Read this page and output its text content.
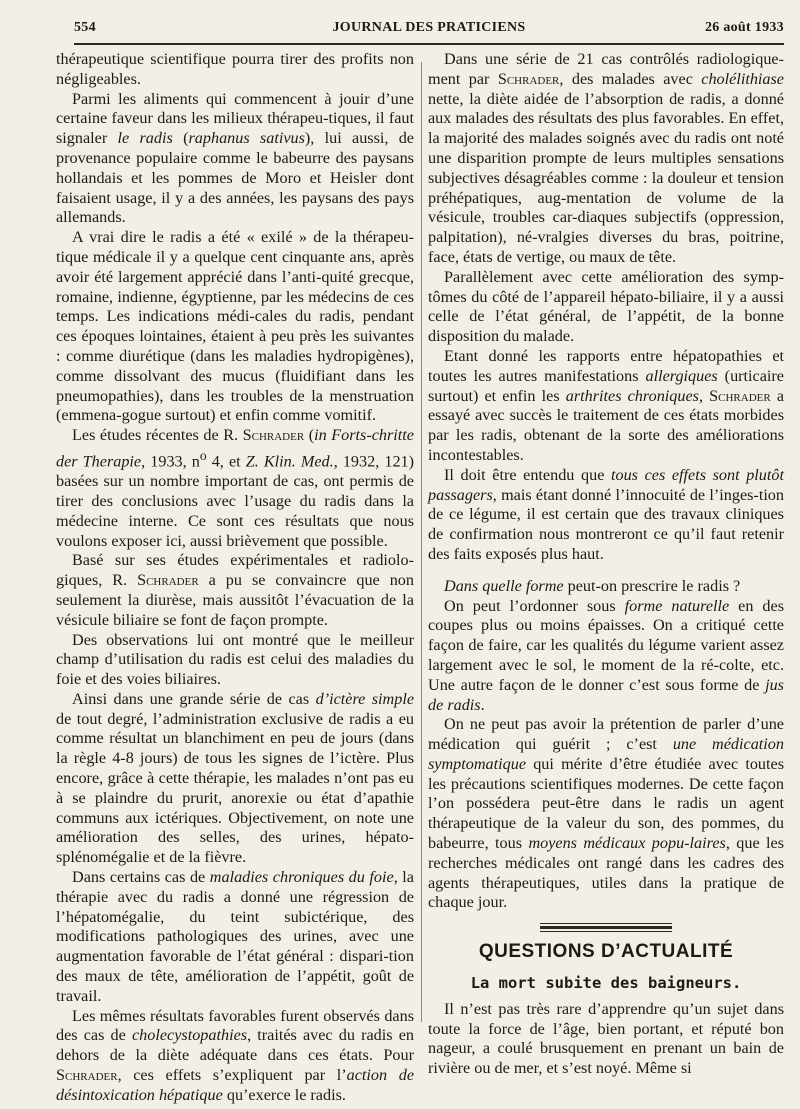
554	JOURNAL DES PRATICIENS	26 août 1933

thérapeutique scientifique pourra tirer des profits non négligeables.

Parmi les aliments qui commencent à jouir d’une certaine faveur dans les milieux thérapeu-tiques, il faut signaler le radis (raphanus sativus), lui aussi, de provenance populaire comme le babeurre des paysans hollandais et les pommes de Moro et Heisler dont faisaient usage, il y a des années, les paysans des pays allemands.

A vrai dire le radis a été « exilé » de la thérapeu-tique médicale il y a quelque cent cinquante ans, après avoir été largement apprécié dans l’anti-quité grecque, romaine, indienne, égyptienne, par les médecins de ces temps. Les indications médi-cales du radis, pendant ces époques lointaines, étaient à peu près les suivantes : comme diurétique (dans les maladies hydropigènes), comme dissolvant des mucus (fluidifiant dans les pneumopathies), dans les troubles de la menstruation (emmena-gogue surtout) et enfin comme vomitif.

Les études récentes de R. Schrader (in Forts-chritte der Therapie, 1933, $n^o$ 4, et Z. Klin. Med., 1932, 121) basées sur un nombre important de cas, ont permis de tirer des conclusions avec l’usage du radis dans la médecine interne. Ce sont ces résultats que nous voulons exposer ici, aussi brièvement que possible.

Basé sur ses études expérimentales et radiolo-giques, R. Schrader a pu se convaincre que non seulement la diurèse, mais aussitôt l’évacuation de la vésicule biliaire se font de façon prompte.

Des observations lui ont montré que le meilleur champ d’utilisation du radis est celui des maladies du foie et des voies biliaires.

Ainsi dans une grande série de cas d’ictère simple de tout degré, l’administration exclusive de radis a eu comme résultat un blanchiment en peu de jours (dans la règle 4-8 jours) de tous les signes de l’ictère. Plus encore, grâce à cette thérapie, les malades n’ont pas eu à se plaindre du prurit, anorexie ou état d’apathie communs aux ictériques. Objectivement, on note une amélioration des selles, des urines, hépato-splénomégalie et de la fièvre.

Dans certains cas de maladies chroniques du foie, la thérapie avec du radis a donné une régression de l’hépatomégalie, du teint subictérique, des modifications pathologiques des urines, avec une augmentation favorable de l’état général : dispari-tion des maux de tête, amélioration de l’appétit, goût de travail.

Les mêmes résultats favorables furent observés dans des cas de cholecystopathies, traités avec du radis en dehors de la diète adéquate dans ces états. Pour Schrader, ces effets s’expliquent par l’action de désintoxication hépatique qu’exerce le radis.

Dans une série de 21 cas contrôlés radiologique-ment par Schrader, des malades avec cholélithiase nette, la diète aidée de l’absorption de radis, a donné aux malades des résultats des plus favorables. En effet, la majorité des malades soignés avec du radis ont noté une disparition prompte de leurs multiples sensations subjectives désagréables comme : la douleur et tension préhépatiques, aug-mentation de volume de la vésicule, troubles car-diaques subjectifs (oppression, palpitation), né-vralgies diverses du bras, poitrine, face, états de vertige, ou maux de tête.

Parallèlement avec cette amélioration des symp-tômes du côté de l’appareil hépato-biliaire, il y a aussi celle de l’état général, de l’appétit, de la bonne disposition du malade.

Etant donné les rapports entre hépatopathies et toutes les autres manifestations allergiques (urticaire surtout) et enfin les arthrites chroniques, Schrader a essayé avec succès le traitement de ces états morbides par les radis, obtenant de la sorte des améliorations incontestables.

Il doit être entendu que tous ces effets sont plutôt passagers, mais étant donné l’innocuité de l’inges-tion de ce légume, il est certain que des travaux cliniques de confirmation nous montreront ce qu’il faut retenir des faits exposés plus haut.

Dans quelle forme peut-on prescrire le radis ?

On peut l’ordonner sous forme naturelle en des coupes plus ou moins épaisses. On a critiqué cette façon de faire, car les qualités du légume varient assez largement avec le sol, le moment de la ré-colte, etc. Une autre façon de le donner c’est sous forme de jus de radis.

On ne peut pas avoir la prétention de parler d’une médication qui guérit ; c’est une médication symptomatique qui mérite d’être étudiée avec toutes les précautions scientifiques modernes. De cette façon l’on possédera peut-être dans le radis un agent thérapeutique de la valeur du son, des pommes, du babeurre, tous moyens médicaux popu-laires, que les recherches médicales ont rangé dans les cadres des agents thérapeutiques, utiles dans la pratique de chaque jour.

QUESTIONS D’ACTUALITÉ
La mort subite des baigneurs.

Il n’est pas très rare d’apprendre qu’un sujet dans toute la force de l’âge, bien portant, et réputé bon nageur, a coulé brusquement en prenant un bain de rivière ou de mer, et s’est noyé. Même si
